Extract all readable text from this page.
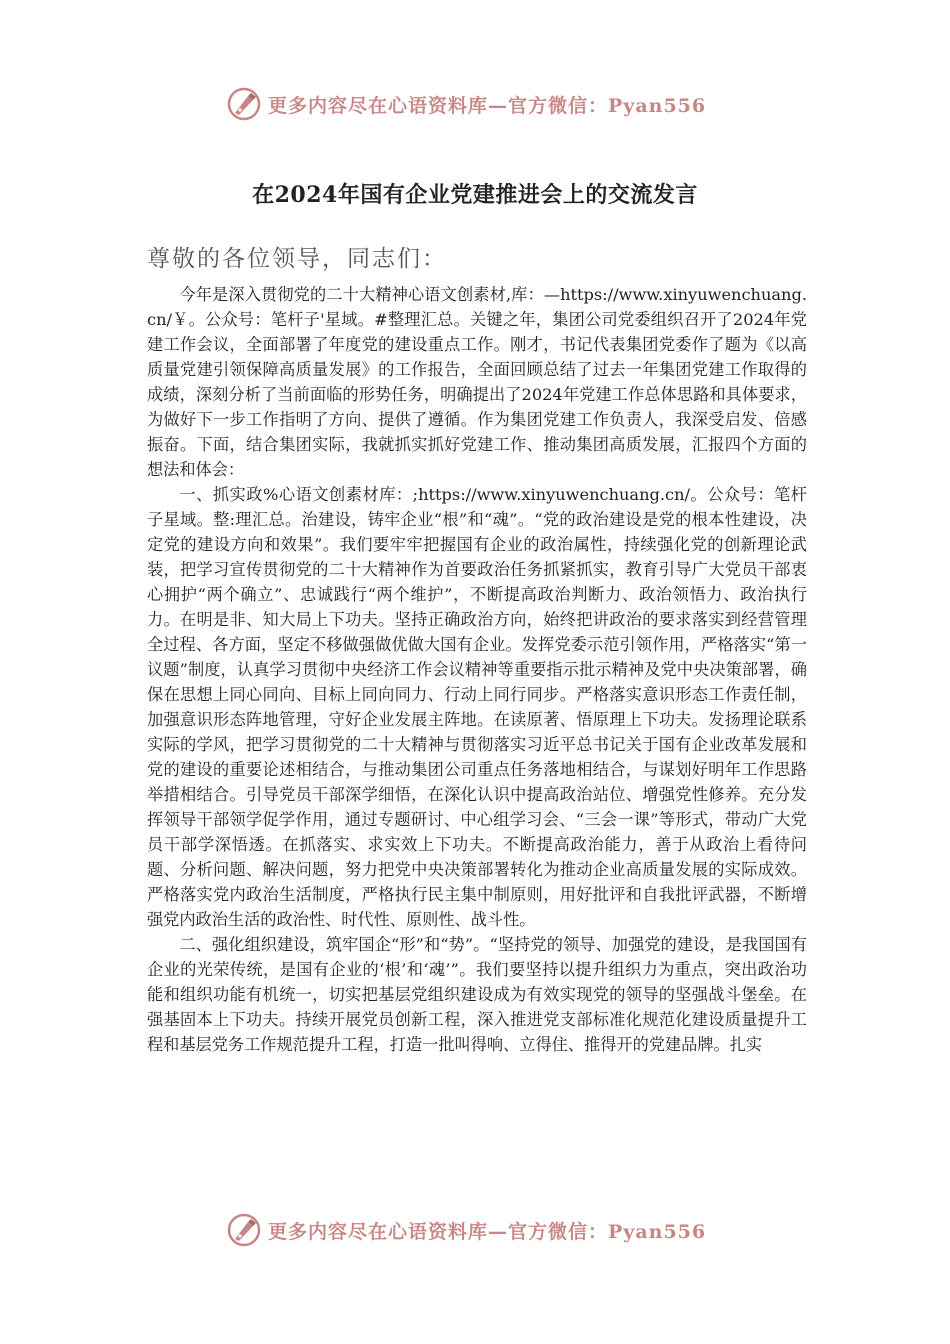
更多内容尽在心语资料库—官方微信：Pyan556
在2024年国有企业党建推进会上的交流发言
尊敬的各位领导，同志们：

今年是深入贯彻党的二十大精神心语文创素材,库：—https://www.xinyuwenchuang.cn/￥。公众号：笔杆子'星域。#整理汇总。关键之年，集团公司党委组织召开了2024年党建工作会议，全面部署了年度党的建设重点工作。刚才，书记代表集团党委作了题为《以高质量党建引领保障高质量发展》的工作报告，全面回顾总结了过去一年集团党建工作取得的成绩，深刻分析了当前面临的形势任务，明确提出了2024年党建工作总体思路和具体要求，为做好下一步工作指明了方向、提供了遵循。作为集团党建工作负责人，我深受启发、倍感振奋。下面，结合集团实际，我就抓实抓好党建工作、推动集团高质发展，汇报四个方面的想法和体会：

一、抓实政%心语文创素材库：;https://www.xinyuwenchuang.cn/。公众号：笔杆子星域。整:理汇总。治建设，铸牢企业“根”和“魂”。“党的政治建设是党的根本性建设，决定党的建设方向和效果”。我们要牢牢把握国有企业的政治属性，持续强化党的创新理论武装，把学习宣传贯彻党的二十大精神作为首要政治任务抓紧抓实，教育引导广大党员干部衷心拥护“两个确立”、忠诚践行“两个维护”，不断提高政治判断力、政治领悟力、政治执行力。在明是非、知大局上下功夫。坚持正确政治方向，始终把讲政治的要求落实到经营管理全过程、各方面，坚定不移做强做优做大国有企业。发挥党委示范引领作用，严格落实“第一议题”制度，认真学习贯彻中央经济工作会议精神等重要指示批示精神及党中央决策部署，确保在思想上同心同向、目标上同向同力、行动上同行同步。严格落实意识形态工作责任制，加强意识形态阵地管理，守好企业发展主阵地。在读原著、悟原理上下功夫。发扬理论联系实际的学风，把学习贯彻党的二十大精神与贯彻落实习近平总书记关于国有企业改革发展和党的建设的重要论述相结合，与推动集团公司重点任务落地相结合，与谋划好明年工作思路举措相结合。引导党员干部深学细悟，在深化认识中提高政治站位、增强党性修养。充分发挥领导干部领学促学作用，通过专题研讨、中心组学习会、“三会一课”等形式，带动广大党员干部学深悟透。在抓落实、求实效上下功夫。不断提高政治能力，善于从政治上看待问题、分析问题、解决问题，努力把党中央决策部署转化为推动企业高质量发展的实际成效。严格落实党内政治生活制度，严格执行民主集中制原则，用好批评和自我批评武器，不断增强党内政治生活的政治性、时代性、原则性、战斗性。

二、强化组织建设，筑牢国企“形”和“势”。“坚持党的领导、加强党的建设，是我国国有企业的光荣传统，是国有企业的‘根’和‘魂’”。我们要坚持以提升组织力为重点，突出政治功能和组织功能有机统一，切实把基层党组织建设成为有效实现党的领导的坚强战斗堡垒。在强基固本上下功夫。持续开展党员创新工程，深入推进党支部标准化规范化建设质量提升工程和基层党务工作规范提升工程，打造一批叫得响、立得住、推得开的党建品牌。扎实

更多内容尽在心语资料库—官方微信：Pyan556
